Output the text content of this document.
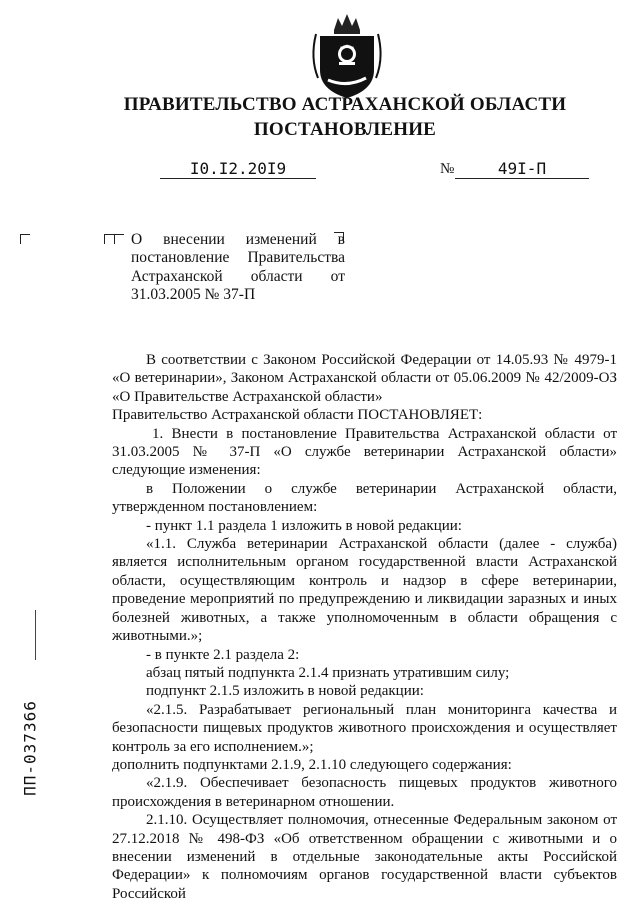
ПРАВИТЕЛЬСТВО АСТРАХАНСКОЙ ОБЛАСТИ
ПОСТАНОВЛЕНИЕ
I0.I2.20I9	№	49I-П
О внесении изменений в постановление Правительства Астраханской области от 31.03.2005 № 37-П

В соответствии с Законом Российской Федерации от 14.05.93 № 4979-1 «О ветеринарии», Законом Астраханской области от 05.06.2009 № 42/2009-ОЗ «О Правительстве Астраханской области»

Правительство Астраханской области ПОСТАНОВЛЯЕТ:

1. Внести в постановление Правительства Астраханской области от 31.03.2005 № 37-П «О службе ветеринарии Астраханской области» следующие изменения:

в Положении о службе ветеринарии Астраханской области, утвержденном постановлением:

- пункт 1.1 раздела 1 изложить в новой редакции:

«1.1. Служба ветеринарии Астраханской области (далее - служба) является исполнительным органом государственной власти Астраханской области, осуществляющим контроль и надзор в сфере ветеринарии, проведение мероприятий по предупреждению и ликвидации заразных и иных болезней животных, а также уполномоченным в области обращения с животными.»;

- в пункте 2.1 раздела 2:

абзац пятый подпункта 2.1.4 признать утратившим силу;

подпункт 2.1.5 изложить в новой редакции:

«2.1.5. Разрабатывает региональный план мониторинга качества и безопасности пищевых продуктов животного происхождения и осуществляет контроль за его исполнением.»;

дополнить подпунктами 2.1.9, 2.1.10 следующего содержания:

«2.1.9. Обеспечивает безопасность пищевых продуктов животного происхождения в ветеринарном отношении.

2.1.10. Осуществляет полномочия, отнесенные Федеральным законом от 27.12.2018 № 498-ФЗ «Об ответственном обращении с животными и о внесении изменений в отдельные законодательные акты Российской Федерации» к полномочиям органов государственной власти субъектов Российской

ПП-037366
